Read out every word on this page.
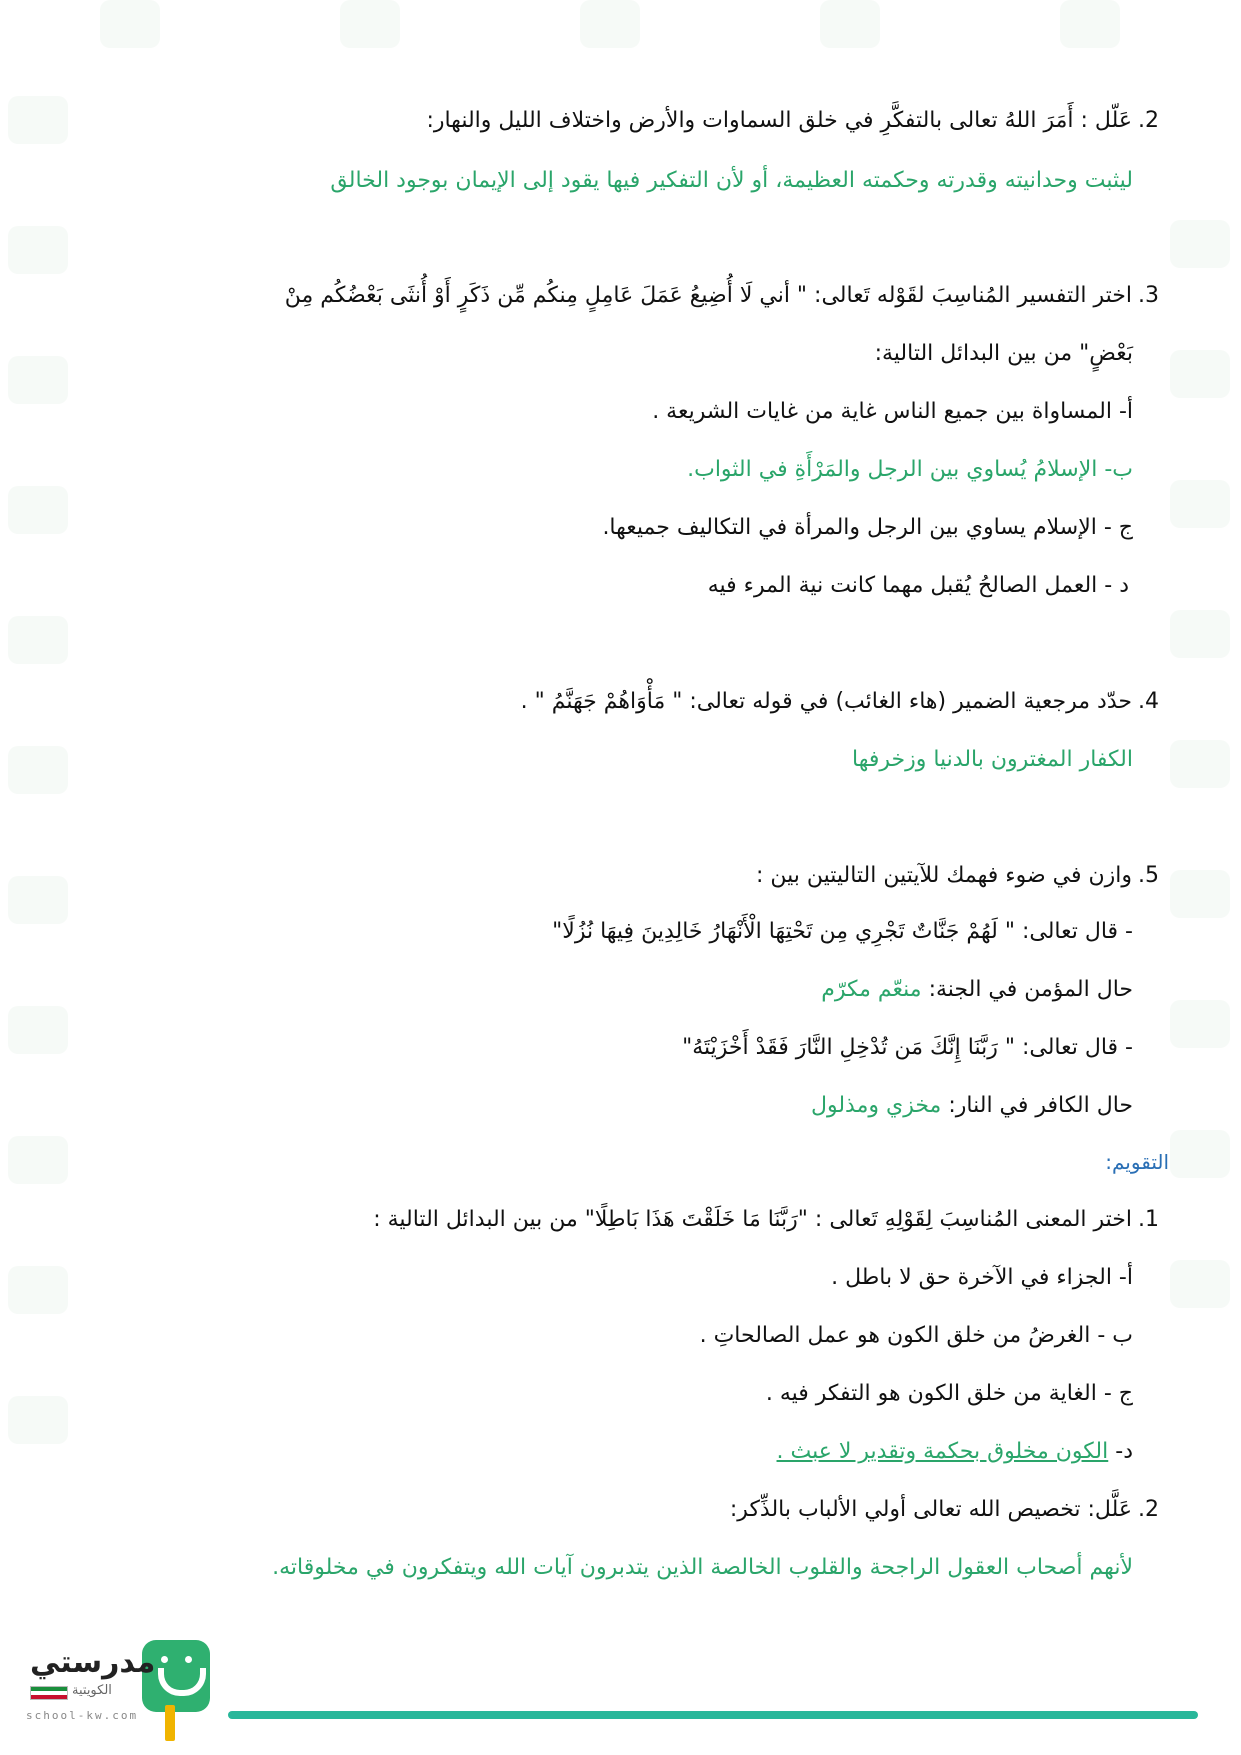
2.عَلّل : أَمَرَ اللهُ تعالى بالتفكَّرِ في خلق السماوات والأرض واختلاف الليل والنهار:
ليثبت وحدانيته وقدرته وحكمته العظيمة، أو لأن التفكير فيها يقود إلى الإيمان بوجود الخالق
3.اختر التفسير المُناسِبَ لقَوْله تَعالى: " أني لَا أُضِيعُ عَمَلَ عَامِلٍ مِنكُم مِّن ذَكَرٍ أَوْ أُنثَى بَعْضُكُم مِنْ
بَعْضٍ" من بين البدائل التالية:
أ- المساواة بين جميع الناس غاية من غايات الشريعة .
ب- الإسلامُ يُساوي بين الرجل والمَرْأَةِ في الثواب.
ج - الإسلام يساوي بين الرجل والمرأة في التكاليف جميعها.
د - العمل الصالحُ يُقبل مهما كانت نية المرء فيه
4.حدّد مرجعية الضمير (هاء الغائب) في قوله تعالى: " مَأْوَاهُمْ جَهَنَّمُ " .
الكفار المغترون بالدنيا وزخرفها
5.وازن في ضوء فهمك للآيتين التاليتين بين :
- قال تعالى: " لَهُمْ جَنَّاتٌ تَجْرِي مِن تَحْتِهَا الْأَنْهَارُ خَالِدِينَ فِيهَا نُزُلًا"
حال المؤمن في الجنة: منعّم مكرّم
- قال تعالى: " رَبَّنَا إِنَّكَ مَن تُدْخِلِ النَّارَ فَقَدْ أَخْزَيْتَهُ"
حال الكافر في النار: مخزي ومذلول
التقويم:
1.اختر المعنى المُناسِبَ لِقَوْلِهِ تَعالى : "رَبَّنَا مَا خَلَقْتَ هَذَا بَاطِلًا" من بين البدائل التالية :
أ- الجزاء في الآخرة حق لا باطل .
ب - الغرضُ من خلق الكون هو عمل الصالحاتِ .
ج - الغاية من خلق الكون هو التفكر فيه .
د- الكون مخلوق بحكمة وتقدير لا عبث .
2.عَلَّل: تخصيص الله تعالى أولي الألباب بالذِّكر:
لأنهم أصحاب العقول الراجحة والقلوب الخالصة الذين يتدبرون آيات الله ويتفكرون في مخلوقاته.
مدرستي
الكويتية
school-kw.com
